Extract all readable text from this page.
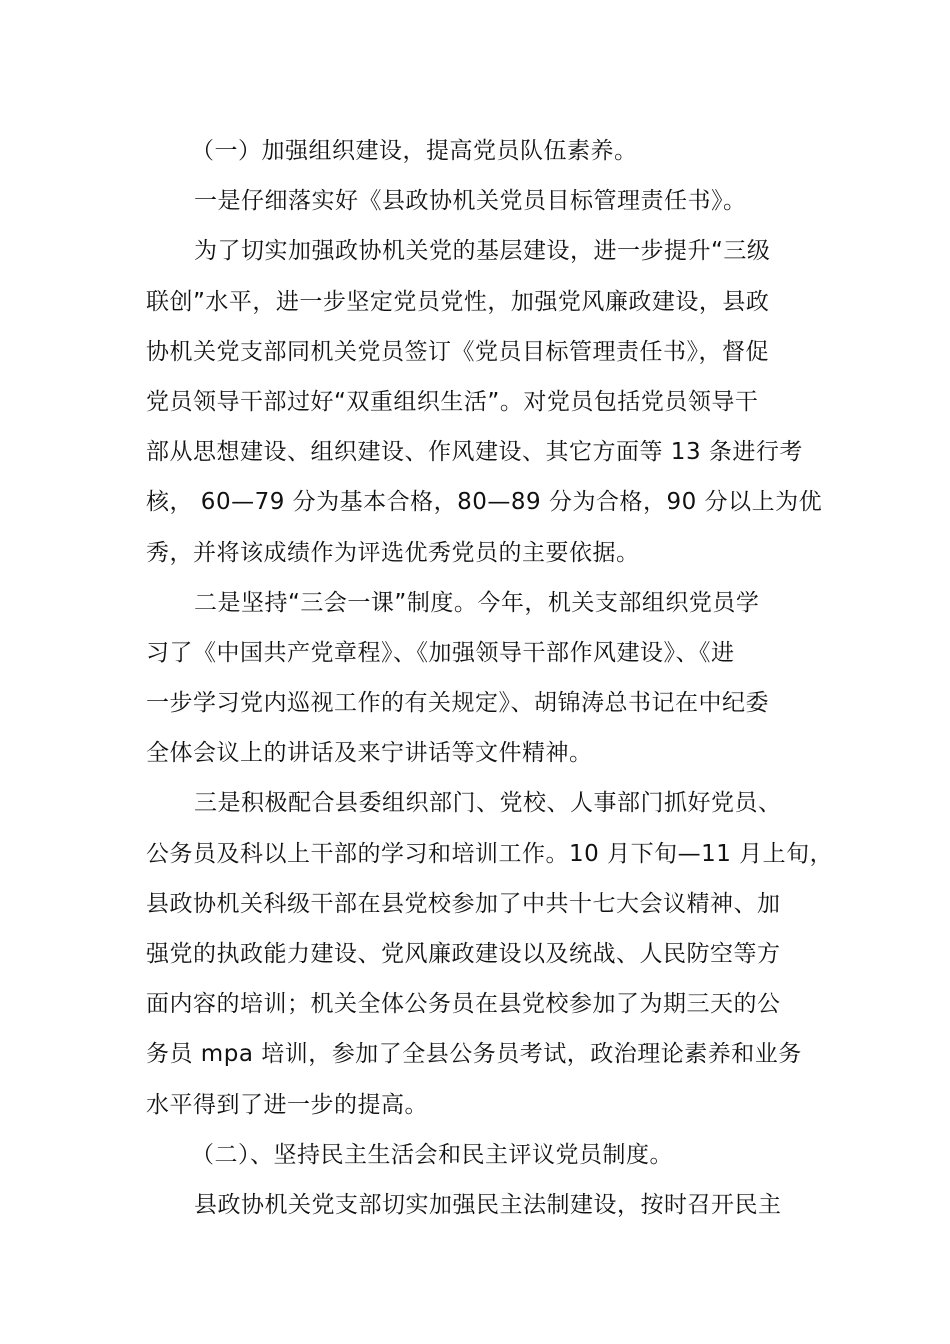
（一）加强组织建设，提高党员队伍素养。
一是仔细落实好《县政协机关党员目标管理责任书》。
为了切实加强政协机关党的基层建设，进一步提升“三级
联创”水平，进一步坚定党员党性，加强党风廉政建设，县政
协机关党支部同机关党员签订《党员目标管理责任书》，督促
党员领导干部过好“双重组织生活”。对党员包括党员领导干
部从思想建设、组织建设、作风建设、其它方面等 13 条进行考
核， 60—79 分为基本合格，80—89 分为合格，90 分以上为优
秀，并将该成绩作为评选优秀党员的主要依据。
二是坚持“三会一课”制度。今年，机关支部组织党员学
习了《中国共产党章程》、《加强领导干部作风建设》、《进
一步学习党内巡视工作的有关规定》、胡锦涛总书记在中纪委
全体会议上的讲话及来宁讲话等文件精神。
三是积极配合县委组织部门、党校、人事部门抓好党员、
公务员及科以上干部的学习和培训工作。10 月下旬—11 月上旬，
县政协机关科级干部在县党校参加了中共十七大会议精神、加
强党的执政能力建设、党风廉政建设以及统战、人民防空等方
面内容的培训；机关全体公务员在县党校参加了为期三天的公
务员 mpa 培训，参加了全县公务员考试，政治理论素养和业务
水平得到了进一步的提高。
（二）、坚持民主生活会和民主评议党员制度。
县政协机关党支部切实加强民主法制建设，按时召开民主
